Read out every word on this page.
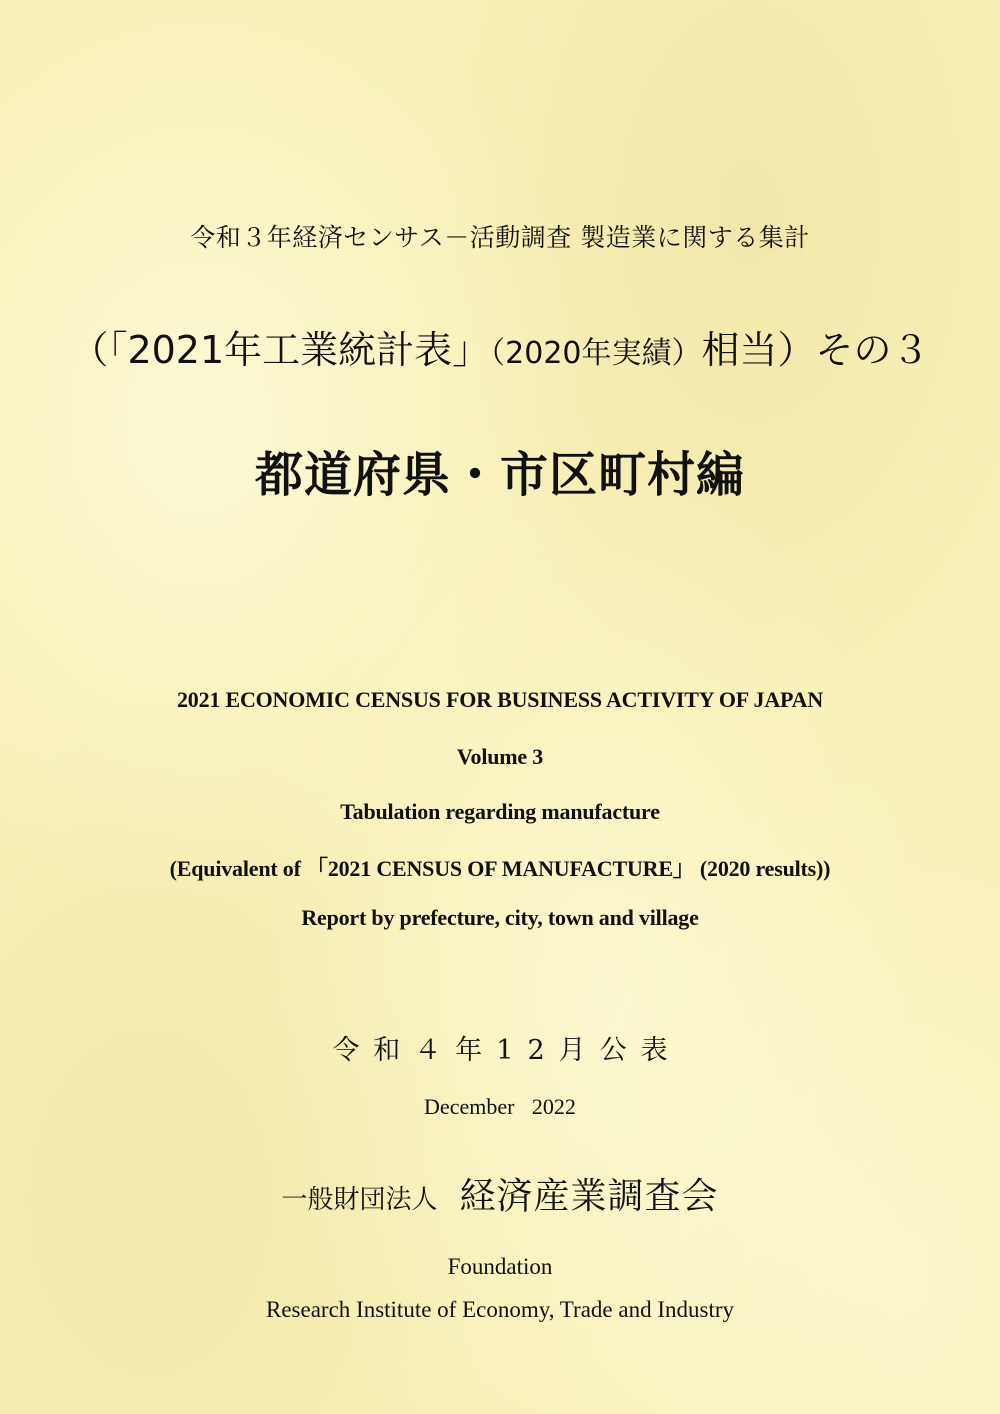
令和３年経済センサス－活動調査 製造業に関する集計

（「2021年工業統計表」（2020年実績）相当）その３

都道府県・市区町村編

2021 ECONOMIC CENSUS FOR BUSINESS ACTIVITY OF JAPAN

Volume 3

Tabulation regarding manufacture

(Equivalent of 「2021 CENSUS OF MANUFACTURE」 (2020 results))

Report by prefecture, city, town and village

令和４年12月公表

December 2022

一般財団法人 経済産業調査会

Foundation

Research Institute of Economy, Trade and Industry
